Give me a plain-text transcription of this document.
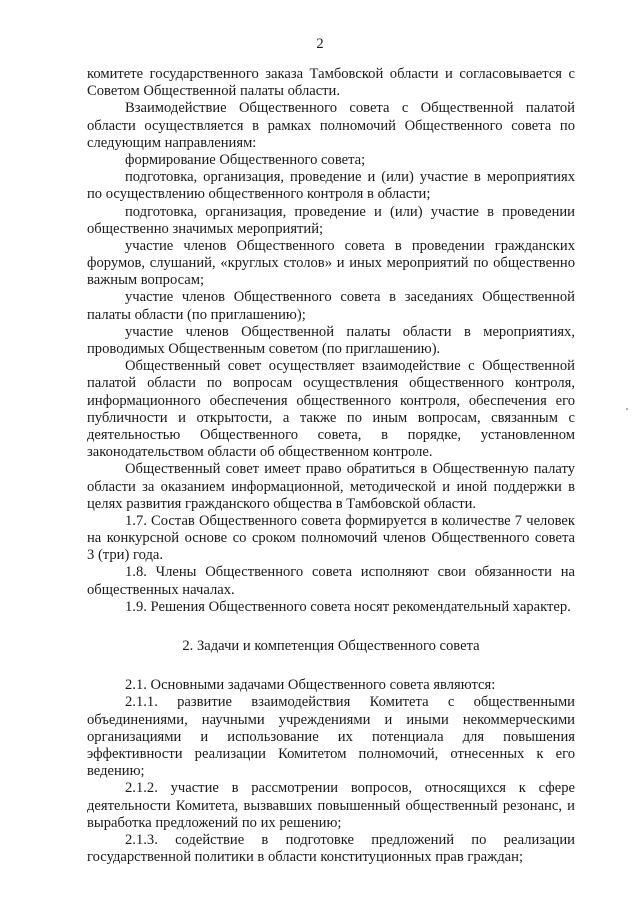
2
комитете государственного заказа Тамбовской области и согласовывается с
Советом Общественной палаты области.
Взаимодействие Общественного совета с Общественной палатой
области осуществляется в рамках полномочий Общественного совета по
следующим направлениям:
формирование Общественного совета;
подготовка, организация, проведение и (или) участие в мероприятиях
по осуществлению общественного контроля в области;
подготовка, организация, проведение и (или) участие в проведении
общественно значимых мероприятий;
участие членов Общественного совета в проведении гражданских
форумов, слушаний, «круглых столов» и иных мероприятий по общественно
важным вопросам;
участие членов Общественного совета в заседаниях Общественной
палаты области (по приглашению);
участие членов Общественной палаты области в мероприятиях,
проводимых Общественным советом (по приглашению).
Общественный совет осуществляет взаимодействие с Общественной
палатой области по вопросам осуществления общественного контроля,
информационного обеспечения общественного контроля, обеспечения его
публичности и открытости, а также по иным вопросам, связанным с
деятельностью Общественного совета, в порядке, установленном
законодательством области об общественном контроле.
Общественный совет имеет право обратиться в Общественную палату
области за оказанием информационной, методической и иной поддержки в
целях развития гражданского общества в Тамбовской области.
1.7. Состав Общественного совета формируется в количестве 7 человек
на конкурсной основе со сроком полномочий членов Общественного совета
3 (три) года.
1.8. Члены Общественного совета исполняют свои обязанности на
общественных началах.
1.9. Решения Общественного совета носят рекомендательный характер.
2. Задачи и компетенция Общественного совета
2.1. Основными задачами Общественного совета являются:
2.1.1. развитие взаимодействия Комитета с общественными
объединениями, научными учреждениями и иными некоммерческими
организациями и использование их потенциала для повышения
эффективности реализации Комитетом полномочий, отнесенных к его
ведению;
2.1.2. участие в рассмотрении вопросов, относящихся к сфере
деятельности Комитета, вызвавших повышенный общественный резонанс, и
выработка предложений по их решению;
2.1.3. содействие в подготовке предложений по реализации
государственной политики в области конституционных прав граждан;
